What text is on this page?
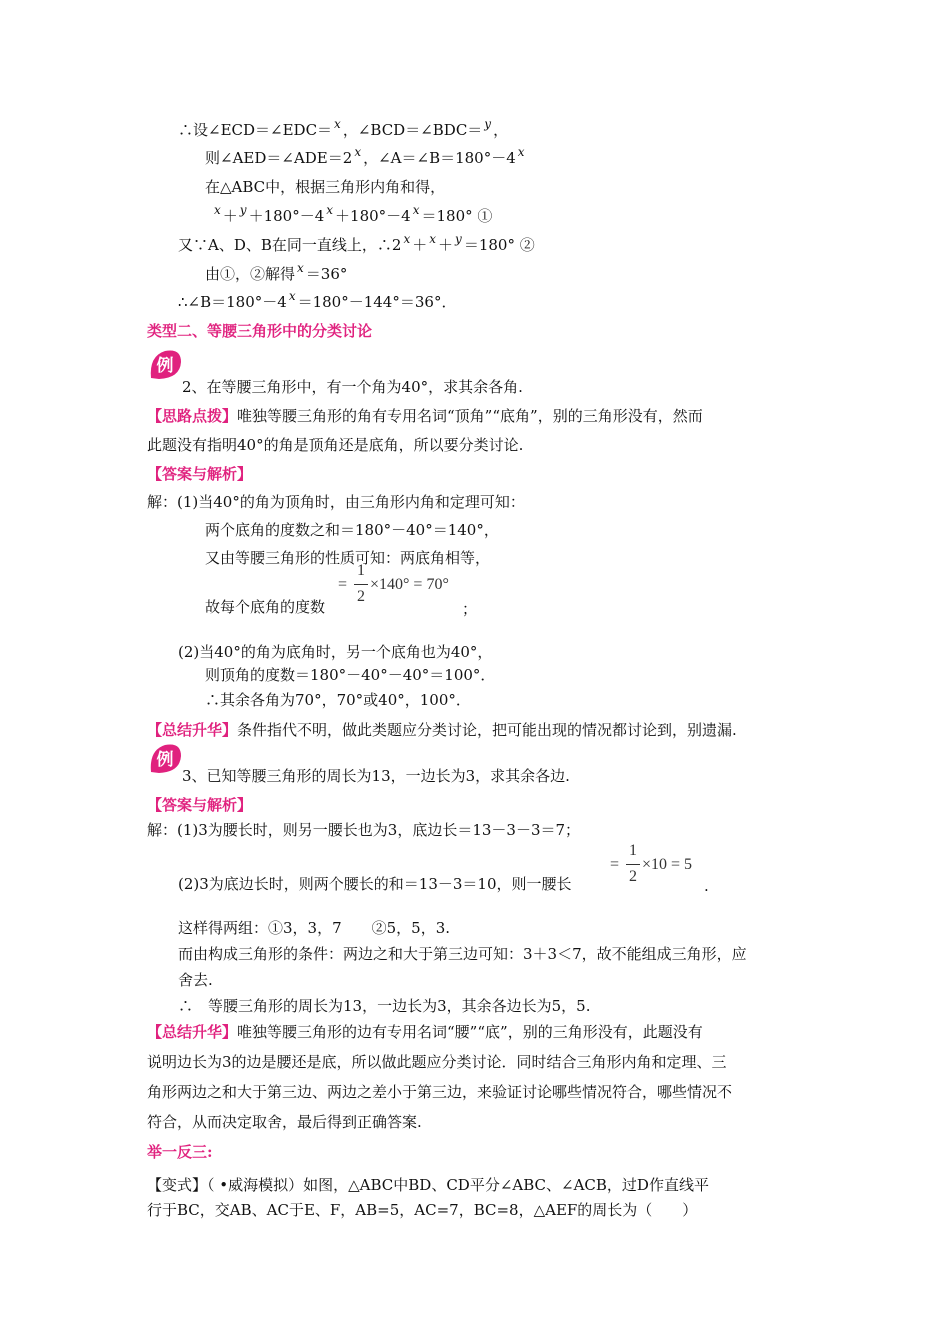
∴设∠ECD＝∠EDC＝ $^x$ ，∠BCD＝∠BDC＝ $^y$ ，
则∠AED＝∠ADE＝2 $^x$ ，∠A＝∠B＝180°－4 $^x$
在△ABC中，根据三角形内角和得，
$^x$ ＋ $^y$ ＋180°－4 $^x$ ＋180°－4 $^x$ ＝180° ①
又∵A、D、B在同一直线上，∴2 $^x$ ＋ $^x$ ＋ $^y$ ＝180° ②
由①，②解得 $^x$ ＝36°
∴∠B＝180°－4 $^x$ ＝180°－144°＝36°．
类型二、等腰三角形中的分类讨论
例
2、在等腰三角形中，有一个角为40°，求其余各角.
【思路点拨】唯独等腰三角形的角有专用名词“顶角”“底角”，别的三角形没有，然而
此题没有指明40°的角是顶角还是底角，所以要分类讨论.
【答案与解析】
解：(1)当40°的角为顶角时，由三角形内角和定理可知：
两个底角的度数之和＝180°－40°＝140°，
又由等腰三角形的性质可知：两底角相等，
故每个底角的度数
=
1
2
×140° = 70°
；
(2)当40°的角为底角时，另一个底角也为40°，
则顶角的度数＝180°－40°－40°＝100°．
∴其余各角为70°，70°或40°，100°．
【总结升华】条件指代不明，做此类题应分类讨论，把可能出现的情况都讨论到，别遗漏.
例
3、已知等腰三角形的周长为13，一边长为3，求其余各边.
【答案与解析】
解：(1)3为腰长时，则另一腰长也为3，底边长＝13－3－3＝7；
(2)3为底边长时，则两个腰长的和＝13－3＝10，则一腰长
=
1
2
×10 = 5
.
这样得两组：①3，3，7　　②5，5，3.
而由构成三角形的条件：两边之和大于第三边可知：3＋3＜7，故不能组成三角形，应
舍去.
∴　等腰三角形的周长为13，一边长为3，其余各边长为5，5.
【总结升华】唯独等腰三角形的边有专用名词“腰”“底”，别的三角形没有，此题没有
说明边长为3的边是腰还是底，所以做此题应分类讨论．同时结合三角形内角和定理、三
角形两边之和大于第三边、两边之差小于第三边，来验证讨论哪些情况符合，哪些情况不
符合，从而决定取舍，最后得到正确答案.
举一反三:
【变式】（ •威海模拟）如图，△ABC中BD、CD平分∠ABC、∠ACB，过D作直线平
行于BC，交AB、AC于E、F，AB=5，AC=7，BC=8，△AEF的周长为（　　）
